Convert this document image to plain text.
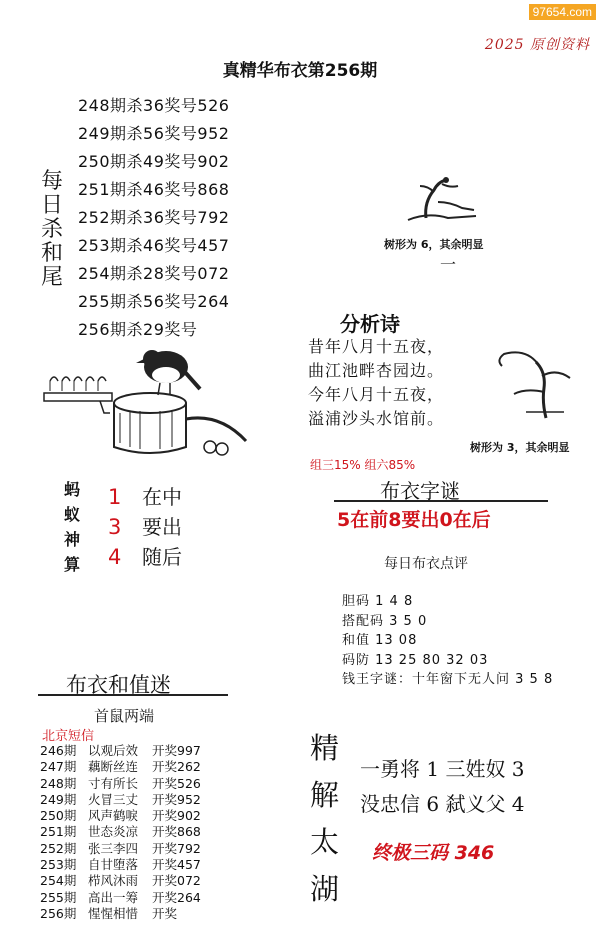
97654.com
2025 原创资料
真精华布衣第256期
每
日
杀
和
尾
248期杀36奖号526
249期杀56奖号952
250期杀49奖号902
251期杀46奖号868
252期杀36奖号792
253期杀46奖号457
254期杀28奖号072
255期杀56奖号264
256期杀29奖号
树形为 6，其余明显
一
分析诗
昔年八月十五夜，
曲江池畔杏园边。
今年八月十五夜，
溢浦沙头水馆前。
树形为 3，其余明显
组三15% 组六85%
蚂
蚁
神
算
1
3
4
在中
要出
随后
布衣字谜
5在前8要出0在后
每日布衣点评
胆码 1 4 8
搭配码 3 5 0
和值 13 08
码防 13 25 80 32 03
钱王字谜：十年窗下无人问 3 5 8
布衣和值迷
首鼠两端
北京短信
246期 以观后效 开奖997
247期 藕断丝连 开奖262
248期 寸有所长 开奖526
249期 火冒三丈 开奖952
250期 风声鹤唳 开奖902
251期 世态炎凉 开奖868
252期 张三李四 开奖792
253期 自甘堕落 开奖457
254期 栉风沐雨 开奖072
255期 高出一筹 开奖264
256期 惺惺相惜 开奖
精
解
太
湖
一勇将 1 三姓奴 3
没忠信 6 弑义父 4
终极三码 346
